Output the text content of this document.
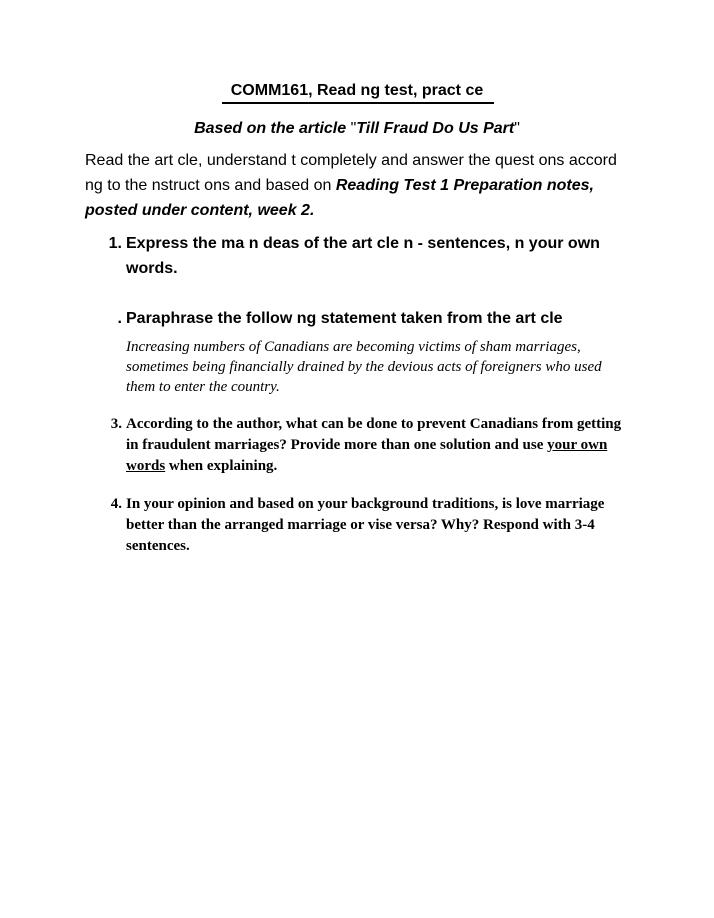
COMM161, Read ng test, pract ce
Based on the article "Till Fraud Do Us Part"
Read the art cle, understand t completely and answer the quest ons accord ng to the nstruct ons and based on Reading Test 1 Preparation notes, posted under content, week 2.
1. Express the ma n deas of the art cle n - sentences, n your own words.
. Paraphrase the follow ng statement taken from the art cle
Increasing numbers of Canadians are becoming victims of sham marriages, sometimes being financially drained by the devious acts of foreigners who used them to enter the country.
3. According to the author, what can be done to prevent Canadians from getting in fraudulent marriages? Provide more than one solution and use your own words when explaining.
4. In your opinion and based on your background traditions, is love marriage better than the arranged marriage or vise versa? Why? Respond with 3-4 sentences.
